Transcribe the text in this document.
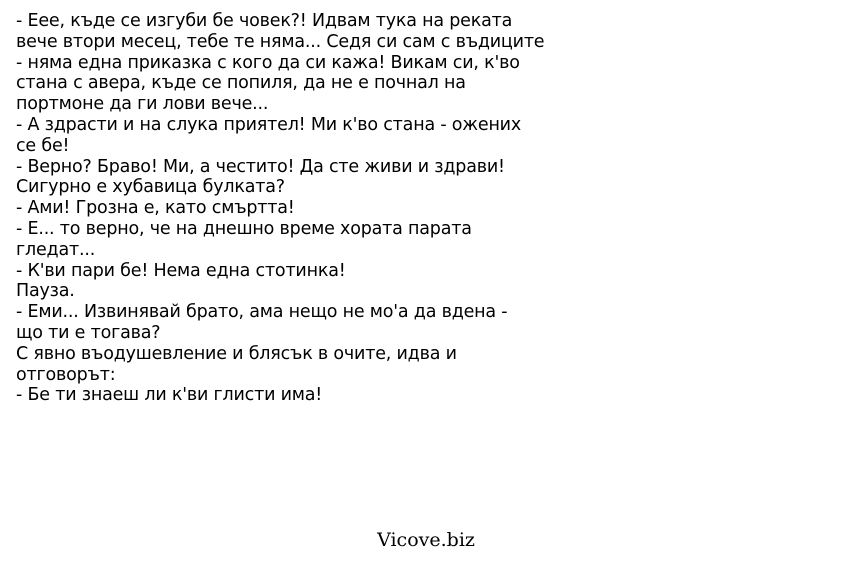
- Еее, къде се изгуби бе човек?! Идвам тука на реката
вече втори месец, тебе те няма... Седя си сам с въдиците
- няма една приказка с кого да си кажа! Викам си, к'во
стана с авера, къде се попиля, да не е почнал на
портмоне да ги лови вече...
- А здрасти и на слука приятел! Ми к'во стана - ожених
се бе!
- Верно? Браво! Ми, а честито! Да сте живи и здрави!
Сигурно е хубавица булката?
- Ами! Грозна е, като смъртта!
- Е... то верно, че на днешно време хората парата
гледат...
- К'ви пари бе! Нема една стотинка!
Пауза.
- Еми... Извинявай брато, ама нещо не мо'а да вдена -
що ти е тогава?
С явно въодушевление и блясък в очите, идва и
отговорът:
- Бе ти знаеш ли к'ви глисти има!
Vicove.biz
